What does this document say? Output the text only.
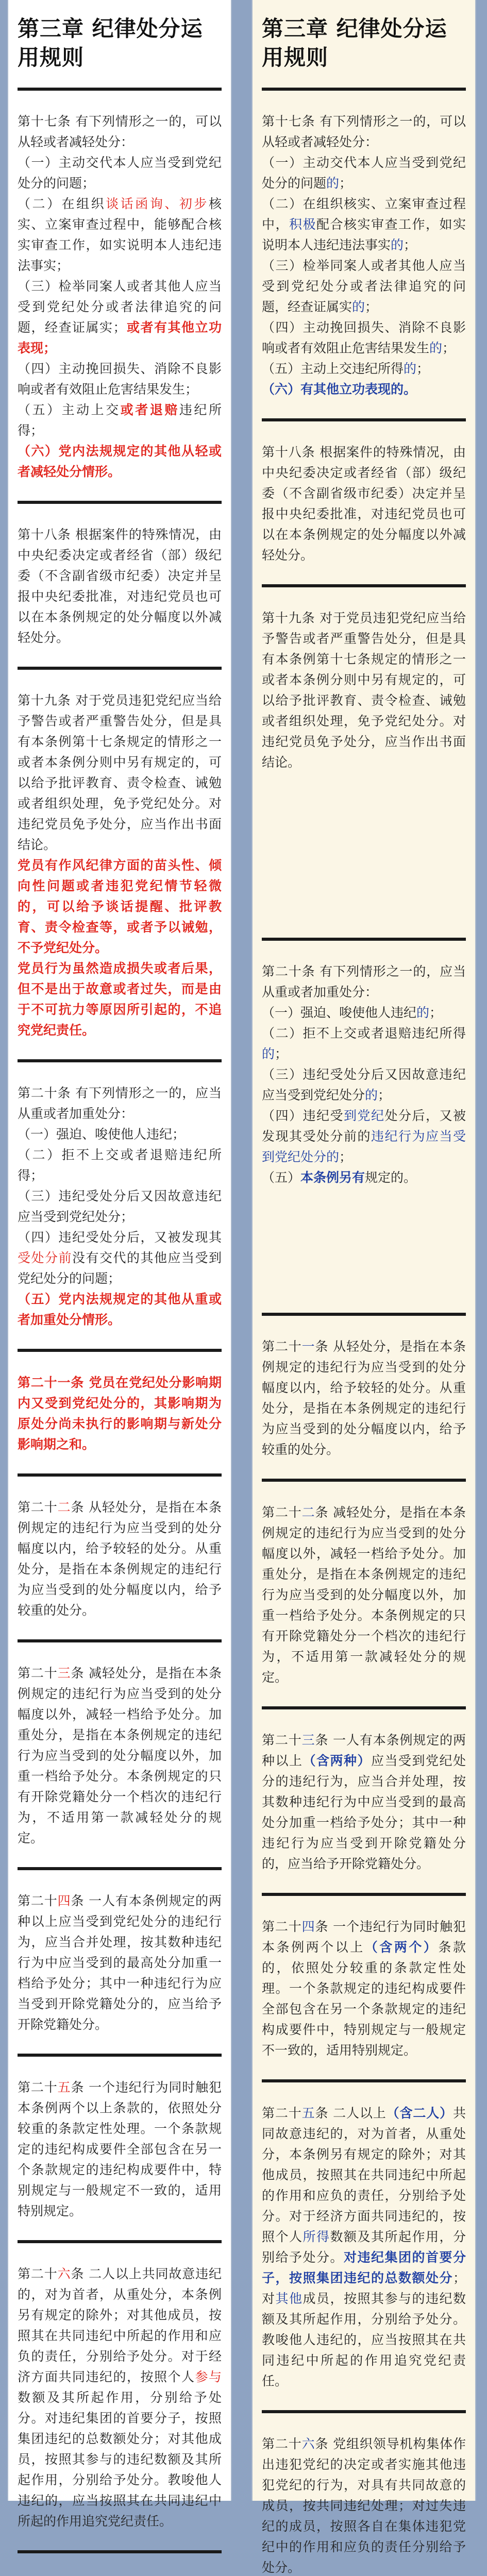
第三章 纪律处分运用规则
第十七条 有下列情形之一的，可以从轻或者减轻处分：
（一）主动交代本人应当受到党纪处分的问题；
（二）在组织谈话函询、初步核实、立案审查过程中，能够配合核实审查工作，如实说明本人违纪违法事实；
（三）检举同案人或者其他人应当受到党纪处分或者法律追究的问题，经查证属实；或者有其他立功表现；
（四）主动挽回损失、消除不良影响或者有效阻止危害结果发生；
（五）主动上交或者退赔违纪所得；
（六）党内法规规定的其他从轻或者减轻处分情形。
第十八条 根据案件的特殊情况，由中央纪委决定或者经省（部）级纪委（不含副省级市纪委）决定并呈报中央纪委批准，对违纪党员也可以在本条例规定的处分幅度以外减轻处分。
第十九条 对于党员违犯党纪应当给予警告或者严重警告处分，但是具有本条例第十七条规定的情形之一或者本条例分则中另有规定的，可以给予批评教育、责令检查、诫勉或者组织处理，免予党纪处分。对违纪党员免予处分，应当作出书面结论。
党员有作风纪律方面的苗头性、倾向性问题或者违犯党纪情节轻微的，可以给予谈话提醒、批评教育、责令检查等，或者予以诫勉，不予党纪处分。
党员行为虽然造成损失或者后果，但不是出于故意或者过失，而是由于不可抗力等原因所引起的，不追究党纪责任。
第二十条 有下列情形之一的，应当从重或者加重处分：
（一）强迫、唆使他人违纪；
（二）拒不上交或者退赔违纪所得；
（三）违纪受处分后又因故意违纪应当受到党纪处分；
（四）违纪受处分后，又被发现其受处分前没有交代的其他应当受到党纪处分的问题；
（五）党内法规规定的其他从重或者加重处分情形。
第二十一条 党员在党纪处分影响期内又受到党纪处分的，其影响期为原处分尚未执行的影响期与新处分影响期之和。
第二十二条 从轻处分，是指在本条例规定的违纪行为应当受到的处分幅度以内，给予较轻的处分。从重处分，是指在本条例规定的违纪行为应当受到的处分幅度以内，给予较重的处分。
第二十三条 减轻处分，是指在本条例规定的违纪行为应当受到的处分幅度以外，减轻一档给予处分。加重处分，是指在本条例规定的违纪行为应当受到的处分幅度以外，加重一档给予处分。本条例规定的只有开除党籍处分一个档次的违纪行为，不适用第一款减轻处分的规定。
第二十四条 一人有本条例规定的两种以上应当受到党纪处分的违纪行为，应当合并处理，按其数种违纪行为中应当受到的最高处分加重一档给予处分；其中一种违纪行为应当受到开除党籍处分的，应当给予开除党籍处分。
第二十五条 一个违纪行为同时触犯本条例两个以上条款的，依照处分较重的条款定性处理。一个条款规定的违纪构成要件全部包含在另一个条款规定的违纪构成要件中，特别规定与一般规定不一致的，适用特别规定。
第二十六条 二人以上共同故意违纪的，对为首者，从重处分，本条例另有规定的除外；对其他成员，按照其在共同违纪中所起的作用和应负的责任，分别给予处分。对于经济方面共同违纪的，按照个人参与数额及其所起作用，分别给予处分。对违纪集团的首要分子，按照集团违纪的总数额处分；对其他成员，按照其参与的违纪数额及其所起作用，分别给予处分。教唆他人违纪的，应当按照其在共同违纪中所起的作用追究党纪责任。
第三章 纪律处分运用规则
第十七条 有下列情形之一的，可以从轻或者减轻处分：
（一）主动交代本人应当受到党纪处分的问题的；
（二）在组织核实、立案审查过程中，积极配合核实审查工作，如实说明本人违纪违法事实的；
（三）检举同案人或者其他人应当受到党纪处分或者法律追究的问题，经查证属实的；
（四）主动挽回损失、消除不良影响或者有效阻止危害结果发生的；
（五）主动上交违纪所得的；
（六）有其他立功表现的。
第十八条 根据案件的特殊情况，由中央纪委决定或者经省（部）级纪委（不含副省级市纪委）决定并呈报中央纪委批准，对违纪党员也可以在本条例规定的处分幅度以外减轻处分。
第十九条 对于党员违犯党纪应当给予警告或者严重警告处分，但是具有本条例第十七条规定的情形之一或者本条例分则中另有规定的，可以给予批评教育、责令检查、诫勉或者组织处理，免予党纪处分。对违纪党员免予处分，应当作出书面结论。
第二十条 有下列情形之一的，应当从重或者加重处分：
（一）强迫、唆使他人违纪的；
（二）拒不上交或者退赔违纪所得的；
（三）违纪受处分后又因故意违纪应当受到党纪处分的；
（四）违纪受到党纪处分后，又被发现其受处分前的违纪行为应当受到党纪处分的；
（五）本条例另有规定的。
第二十一条 从轻处分，是指在本条例规定的违纪行为应当受到的处分幅度以内，给予较轻的处分。从重处分，是指在本条例规定的违纪行为应当受到的处分幅度以内，给予较重的处分。
第二十二条 减轻处分，是指在本条例规定的违纪行为应当受到的处分幅度以外，减轻一档给予处分。加重处分，是指在本条例规定的违纪行为应当受到的处分幅度以外，加重一档给予处分。本条例规定的只有开除党籍处分一个档次的违纪行为，不适用第一款减轻处分的规定。
第二十三条 一人有本条例规定的两种以上（含两种）应当受到党纪处分的违纪行为，应当合并处理，按其数种违纪行为中应当受到的最高处分加重一档给予处分；其中一种违纪行为应当受到开除党籍处分的，应当给予开除党籍处分。
第二十四条 一个违纪行为同时触犯本条例两个以上（含两个）条款的，依照处分较重的条款定性处理。一个条款规定的违纪构成要件全部包含在另一个条款规定的违纪构成要件中，特别规定与一般规定不一致的，适用特别规定。
第二十五条 二人以上（含二人）共同故意违纪的，对为首者，从重处分，本条例另有规定的除外；对其他成员，按照其在共同违纪中所起的作用和应负的责任，分别给予处分。对于经济方面共同违纪的，按照个人所得数额及其所起作用，分别给予处分。对违纪集团的首要分子，按照集团违纪的总数额处分；对其他成员，按照其参与的违纪数额及其所起作用，分别给予处分。教唆他人违纪的，应当按照其在共同违纪中所起的作用追究党纪责任。
第二十六条 党组织领导机构集体作出违犯党纪的决定或者实施其他违犯党纪的行为，对具有共同故意的成员，按共同违纪处理；对过失违纪的成员，按照各自在集体违犯党纪中的作用和应负的责任分别给予处分。
